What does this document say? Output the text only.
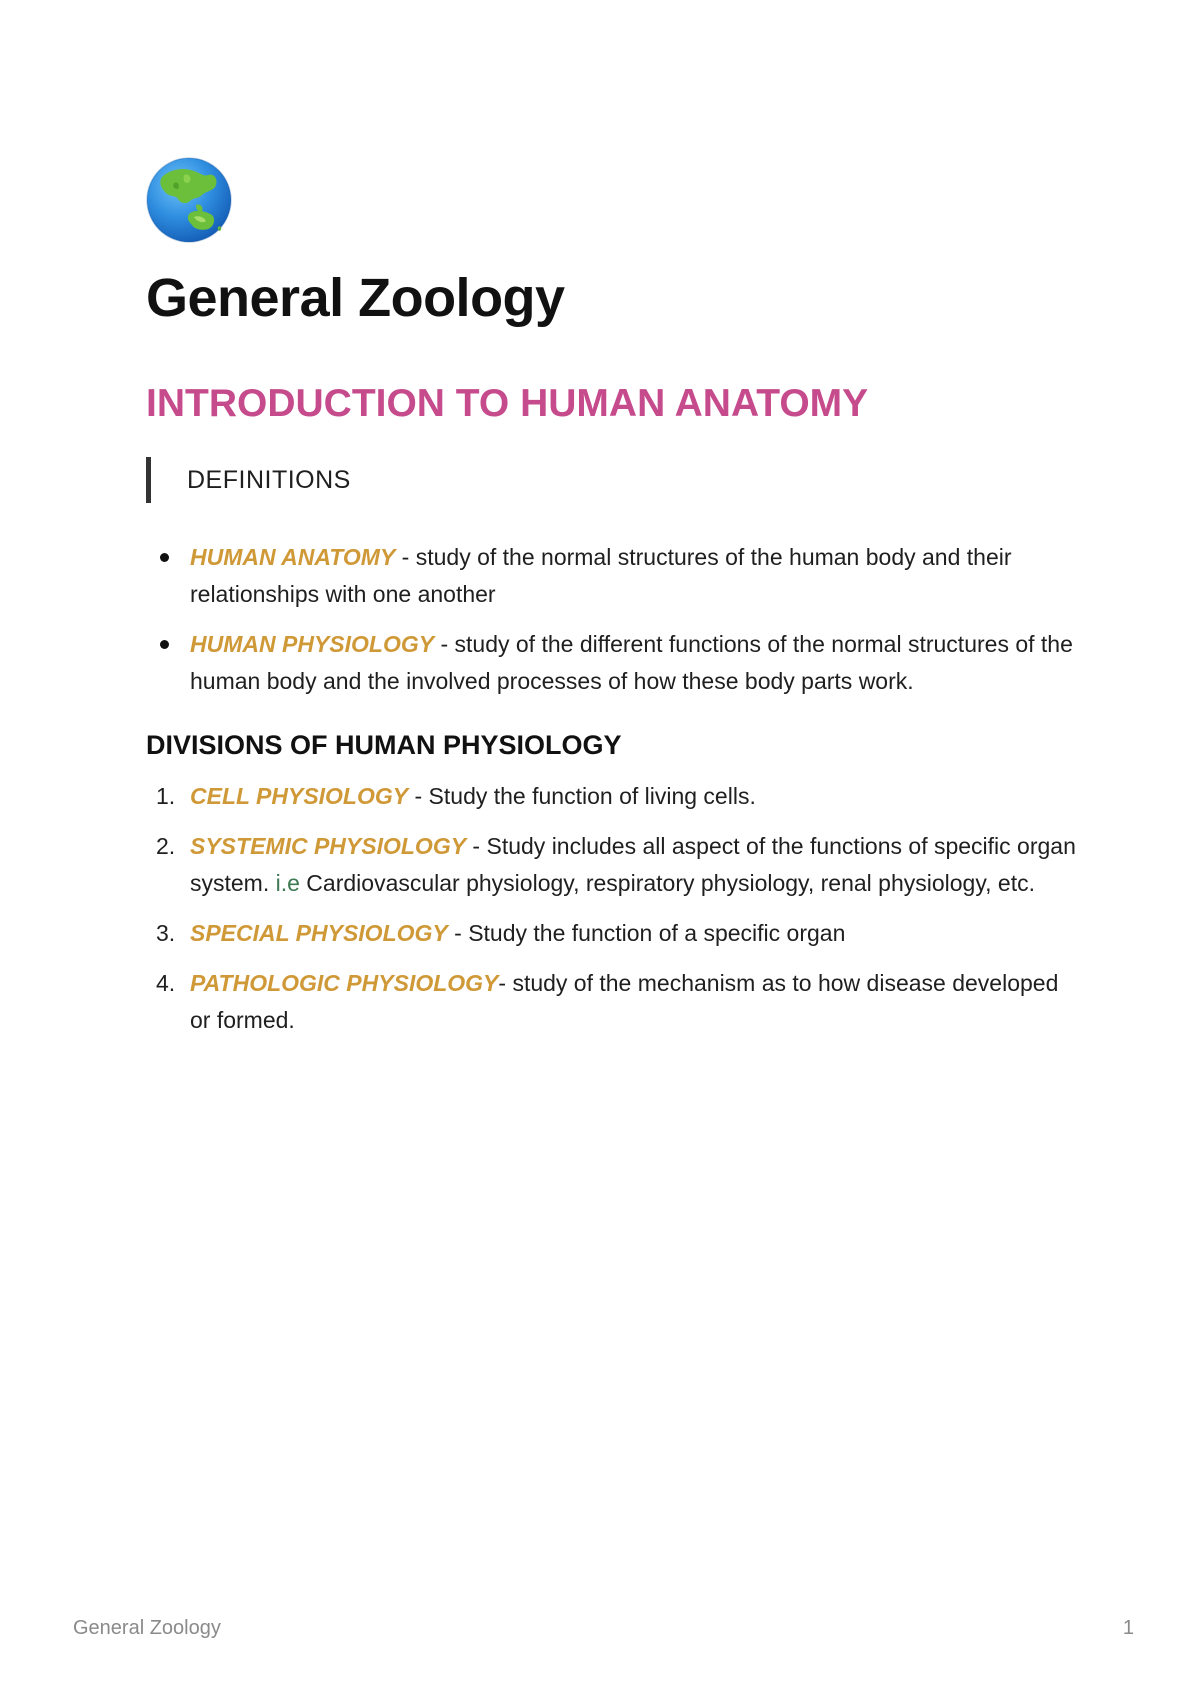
General Zoology
INTRODUCTION TO HUMAN ANATOMY
DEFINITIONS
HUMAN ANATOMY - study of the normal structures of the human body and their relationships with one another
HUMAN PHYSIOLOGY - study of the different functions of the normal structures of the human body and the involved processes of how these body parts work.
DIVISIONS OF HUMAN PHYSIOLOGY
1. CELL PHYSIOLOGY - Study the function of living cells.
2. SYSTEMIC PHYSIOLOGY - Study includes all aspect of the functions of specific organ system. i.e Cardiovascular physiology, respiratory physiology, renal physiology, etc.
3. SPECIAL PHYSIOLOGY - Study the function of a specific organ
4. PATHOLOGIC PHYSIOLOGY- study of the mechanism as to how disease developed or formed.
General Zoology	1
